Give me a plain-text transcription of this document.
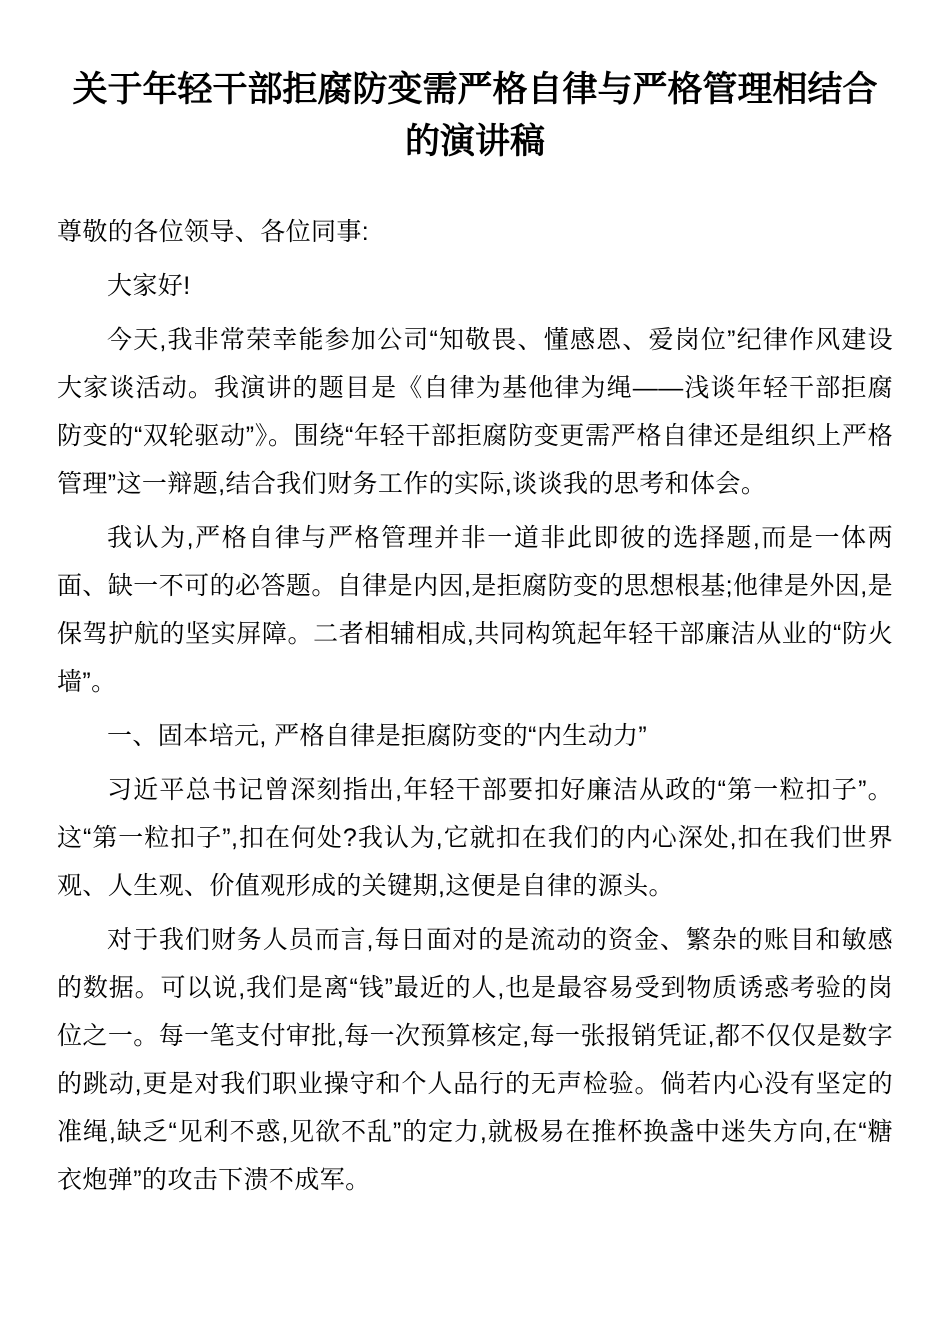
关于年轻干部拒腐防变需严格自律与严格管理相结合的演讲稿

尊敬的各位领导、各位同事:

大家好!

今天,我非常荣幸能参加公司“知敬畏、懂感恩、爱岗位”纪律作风建设大家谈活动。我演讲的题目是《自律为基他律为绳——浅谈年轻干部拒腐防变的“双轮驱动”》。围绕“年轻干部拒腐防变更需严格自律还是组织上严格管理”这一辩题,结合我们财务工作的实际,谈谈我的思考和体会。

我认为,严格自律与严格管理并非一道非此即彼的选择题,而是一体两面、缺一不可的必答题。自律是内因,是拒腐防变的思想根基;他律是外因,是保驾护航的坚实屏障。二者相辅相成,共同构筑起年轻干部廉洁从业的“防火墙”。

一、固本培元, 严格自律是拒腐防变的“内生动力”

习近平总书记曾深刻指出,年轻干部要扣好廉洁从政的“第一粒扣子”。这“第一粒扣子”,扣在何处?我认为,它就扣在我们的内心深处,扣在我们世界观、人生观、价值观形成的关键期,这便是自律的源头。

对于我们财务人员而言,每日面对的是流动的资金、繁杂的账目和敏感的数据。可以说,我们是离“钱”最近的人,也是最容易受到物质诱惑考验的岗位之一。每一笔支付审批,每一次预算核定,每一张报销凭证,都不仅仅是数字的跳动,更是对我们职业操守和个人品行的无声检验。倘若内心没有坚定的准绳,缺乏“见利不惑,见欲不乱”的定力,就极易在推杯换盏中迷失方向,在“糖衣炮弹”的攻击下溃不成军。
